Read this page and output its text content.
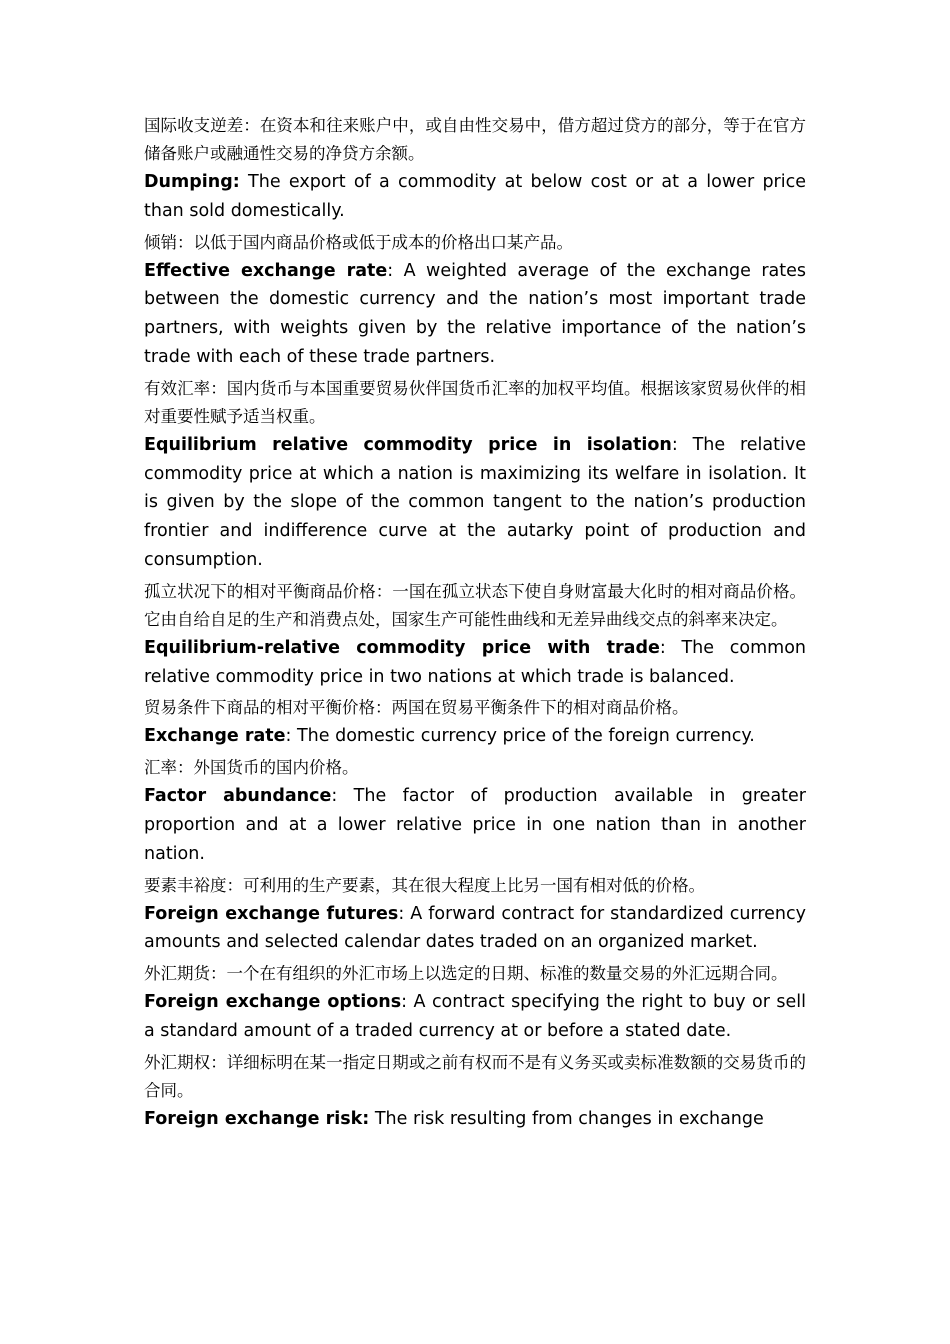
国际收支逆差：在资本和往来账户中，或自由性交易中，借方超过贷方的部分，等于在官方储备账户或融通性交易的净贷方余额。

Dumping: The export of a commodity at below cost or at a lower price than sold domestically.

倾销：以低于国内商品价格或低于成本的价格出口某产品。

Effective exchange rate: A weighted average of the exchange rates between the domestic currency and the nation’s most important trade partners, with weights given by the relative importance of the nation’s trade with each of these trade partners.

有效汇率：国内货币与本国重要贸易伙伴国货币汇率的加权平均值。根据该家贸易伙伴的相对重要性赋予适当权重。

Equilibrium relative commodity price in isolation: The relative commodity price at which a nation is maximizing its welfare in isolation. It is given by the slope of the common tangent to the nation’s production frontier and indifference curve at the autarky point of production and consumption.

孤立状况下的相对平衡商品价格：一国在孤立状态下使自身财富最大化时的相对商品价格。它由自给自足的生产和消费点处，国家生产可能性曲线和无差异曲线交点的斜率来决定。

Equilibrium-relative commodity price with trade: The common relative commodity price in two nations at which trade is balanced.

贸易条件下商品的相对平衡价格：两国在贸易平衡条件下的相对商品价格。

Exchange rate: The domestic currency price of the foreign currency.

汇率：外国货币的国内价格。

Factor abundance: The factor of production available in greater proportion and at a lower relative price in one nation than in another nation.

要素丰裕度：可利用的生产要素，其在很大程度上比另一国有相对低的价格。

Foreign exchange futures: A forward contract for standardized currency amounts and selected calendar dates traded on an organized market.

外汇期货：一个在有组织的外汇市场上以选定的日期、标准的数量交易的外汇远期合同。

Foreign exchange options: A contract specifying the right to buy or sell a standard amount of a traded currency at or before a stated date.

外汇期权：详细标明在某一指定日期或之前有权而不是有义务买或卖标准数额的交易货币的合同。

Foreign exchange risk: The risk resulting from changes in exchange
